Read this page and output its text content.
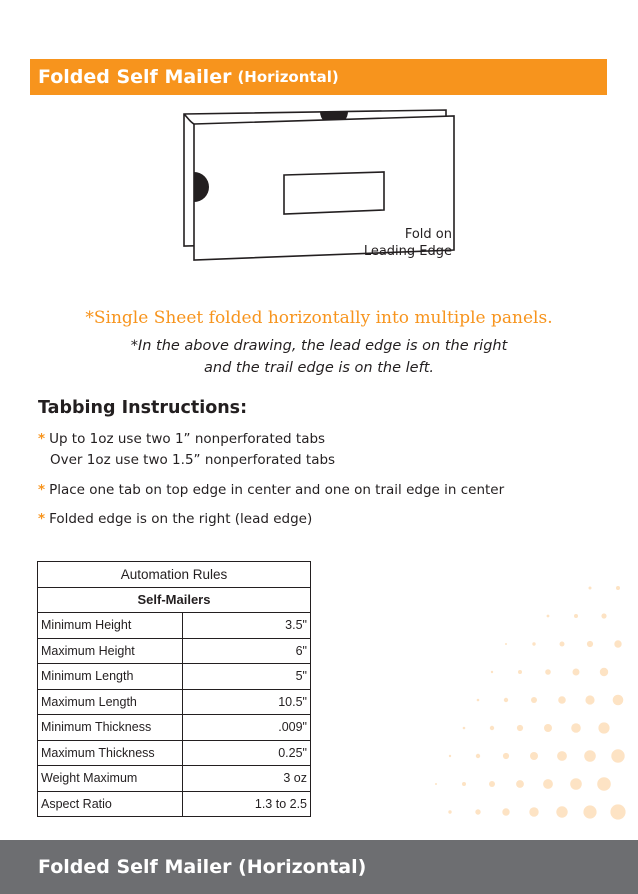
Folded Self Mailer (Horizontal)
Fold on
Leading Edge
*Single Sheet folded horizontally into multiple panels.
*In the above drawing, the lead edge is on the right
and the trail edge is on the left.
Tabbing Instructions:
* Up to 1oz use two 1” nonperforated tabs
Over 1oz use two 1.5” nonperforated tabs
* Place one tab on top edge in center and one on trail edge in center
* Folded edge is on the right (lead edge)
Automation Rules	
Self-Mailers	
Minimum Height	3.5"
Maximum Height	6"
Minimum Length	5"
Maximum Length	10.5"
Minimum Thickness	.009"
Maximum Thickness	0.25"
Weight Maximum	3 oz
Aspect Ratio	1.3 to 2.5
Folded Self Mailer (Horizontal)
